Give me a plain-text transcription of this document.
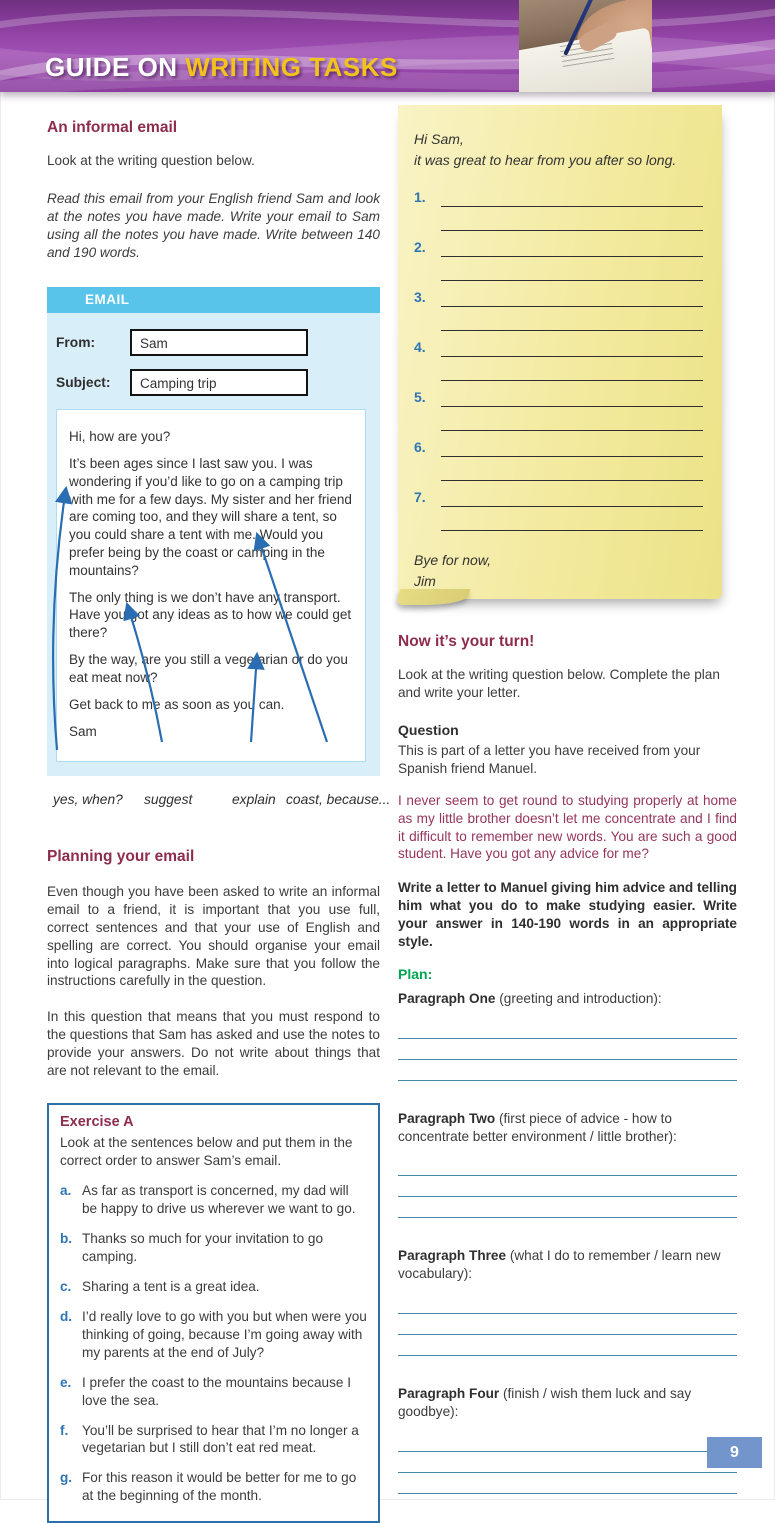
GUIDE ON WRITING TASKS
An informal email

Look at the writing question below.

Read this email from your English friend Sam and look at the notes you have made. Write your email to Sam using all the notes you have made. Write between 140 and 190 words.

EMAIL
From:	Sam
Subject:	Camping trip

Hi, how are you?

It’s been ages since I last saw you. I was wondering if you’d like to go on a camping trip with me for a few days. My sister and her friend are coming too, and they will share a tent, so you could share a tent with me. Would you prefer being by the coast or camping in the mountains?

The only thing is we don’t have any transport. Have you got any ideas as to how we could get there?

By the way, are you still a vegetarian or do you eat meat now?

Get back to me as soon as you can.

Sam

yes, when? suggest	explain coast, because...
Planning your email

Even though you have been asked to write an informal email to a friend, it is important that you use full, correct sentences and that your use of English and spelling are correct. You should organise your email into logical paragraphs. Make sure that you follow the instructions carefully in the question.

In this question that means that you must respond to the questions that Sam has asked and use the notes to provide your answers. Do not write about things that are not relevant to the email.

Exercise A

Look at the sentences below and put them in the correct order to answer Sam’s email.

a. As far as transport is concerned, my dad will be happy to drive us wherever we want to go.
b. Thanks so much for your invitation to go camping.
c. Sharing a tent is a great idea.
d. I’d really love to go with you but when were you thinking of going, because I’m going away with my parents at the end of July?
e. I prefer the coast to the mountains because I love the sea.
f.	You’ll be surprised to hear that I’m no longer a vegetarian but I still don’t eat red meat.
g. For this reason it would be better for me to go at the beginning of the month.

Hi Sam,
it was great to hear from you after so long.

1.
2.
3.
4.
5.
6.
7.

Bye for now,
Jim

Now it’s your turn!

Look at the writing question below. Complete the plan and write your letter.

Question

This is part of a letter you have received from your Spanish friend Manuel.

I never seem to get round to studying properly at home as my little brother doesn’t let me concentrate and I find it difficult to remember new words. You are such a good student. Have you got any advice for me?

Write a letter to Manuel giving him advice and telling him what you do to make studying easier. Write your answer in 140-190 words in an appropriate style.

Plan:

Paragraph One (greeting and introduction):

Paragraph Two (first piece of advice - how to concentrate better environment / little brother):

Paragraph Three (what I do to remember / learn new vocabulary):

Paragraph Four (finish / wish them luck and say goodbye):

9
